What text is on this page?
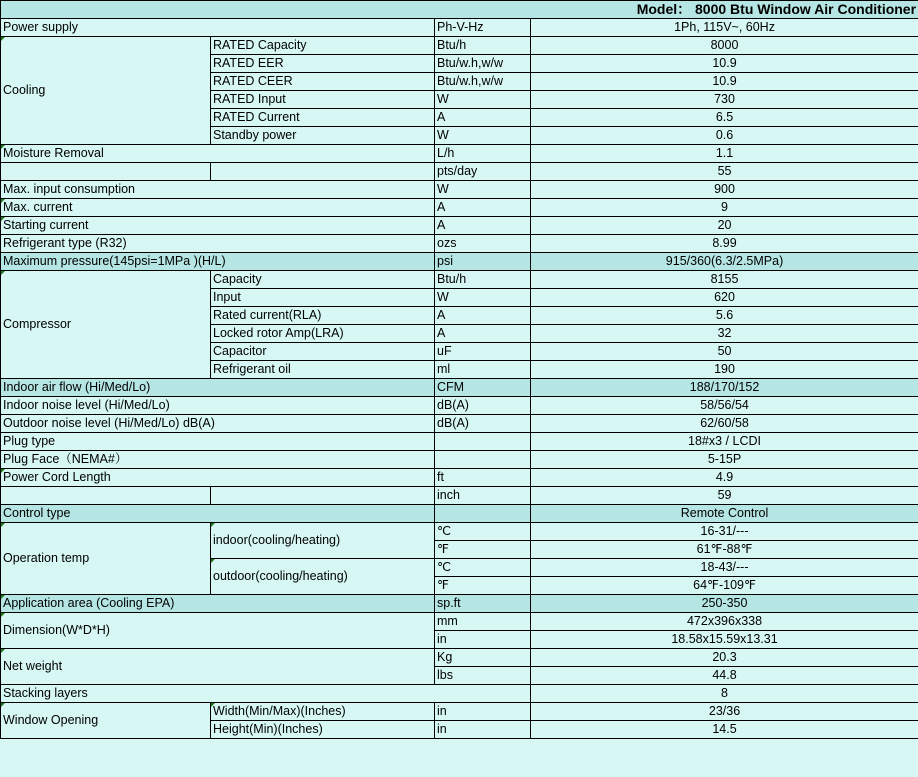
Model： 8000 Btu Window Air Conditioner			
Power supply		Ph-V-Hz	1Ph, 115V~, 60Hz
Cooling	RATED Capacity	Btu/h	8000
	RATED EER	Btu/w.h,w/w	10.9
	RATED CEER	Btu/w.h,w/w	10.9
	RATED Input	W	730
	RATED Current	A	6.5
	Standby power	W	0.6
Moisture Removal		L/h	1.1
		pts/day	55
Max. input consumption		W	900
Max. current		A	9
Starting current		A	20
Refrigerant type (R32)		ozs	8.99
Maximum pressure(145psi=1MPa )(H/L)		psi	915/360(6.3/2.5MPa)
Compressor	Capacity	Btu/h	8155
	Input	W	620
	Rated current(RLA)	A	5.6
	Locked rotor Amp(LRA)	A	32
	Capacitor	uF	50
	Refrigerant oil	ml	190
Indoor air flow (Hi/Med/Lo)		CFM	188/170/152
Indoor noise level (Hi/Med/Lo)		dB(A)	58/56/54
Outdoor noise level (Hi/Med/Lo) dB(A)		dB(A)	62/60/58
Plug type			18#x3 / LCDI
Plug Face（NEMA#）			5-15P
Power Cord Length		ft	4.9
		inch	59
Control type			Remote Control
Operation temp	indoor(cooling/heating)	℃	16-31/---
		℉	61℉-88℉
	outdoor(cooling/heating)	℃	18-43/---
		℉	64℉-109℉
Application area (Cooling EPA)		sp.ft	250-350
Dimension(W*D*H)		mm	472x396x338
		in	18.58x15.59x13.31
Net weight		Kg	20.3
		lbs	44.8
Stacking layers			8
Window Opening	Width(Min/Max)(Inches)	in	23/36
	Height(Min)(Inches)	in	14.5
